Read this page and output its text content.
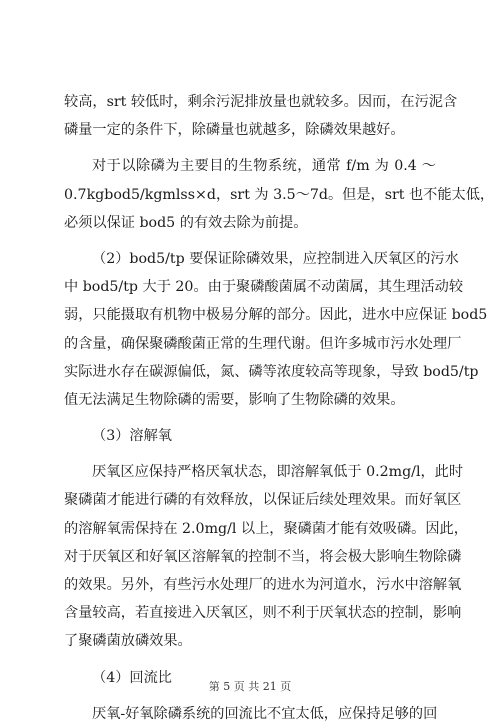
较高，srt 较低时，剩余污泥排放量也就较多。因而，在污泥含
磷量一定的条件下，除磷量也就越多，除磷效果越好。
对于以除磷为主要目的生物系统，通常 f/m 为 0.4 ～
0.7kgbod5/kgmlss×d，srt 为 3.5～7d。但是，srt 也不能太低，
必须以保证 bod5 的有效去除为前提。
（2）bod5/tp 要保证除磷效果，应控制进入厌氧区的污水
中 bod5/tp 大于 20。由于聚磷酸菌属不动菌属，其生理活动较
弱，只能摄取有机物中极易分解的部分。因此，进水中应保证 bod5
的含量，确保聚磷酸菌正常的生理代谢。但许多城市污水处理厂
实际进水存在碳源偏低，氮、磷等浓度较高等现象，导致 bod5/tp
值无法满足生物除磷的需要，影响了生物除磷的效果。
（3）溶解氧
厌氧区应保持严格厌氧状态，即溶解氧低于 0.2mg/l，此时
聚磷菌才能进行磷的有效释放，以保证后续处理效果。而好氧区
的溶解氧需保持在 2.0mg/l 以上，聚磷菌才能有效吸磷。因此，
对于厌氧区和好氧区溶解氧的控制不当，将会极大影响生物除磷
的效果。另外，有些污水处理厂的进水为河道水，污水中溶解氧
含量较高，若直接进入厌氧区，则不利于厌氧状态的控制，影响
了聚磷菌放磷效果。
（4）回流比
厌氧-好氧除磷系统的回流比不宜太低，应保持足够的回
第 5 页 共 21 页
